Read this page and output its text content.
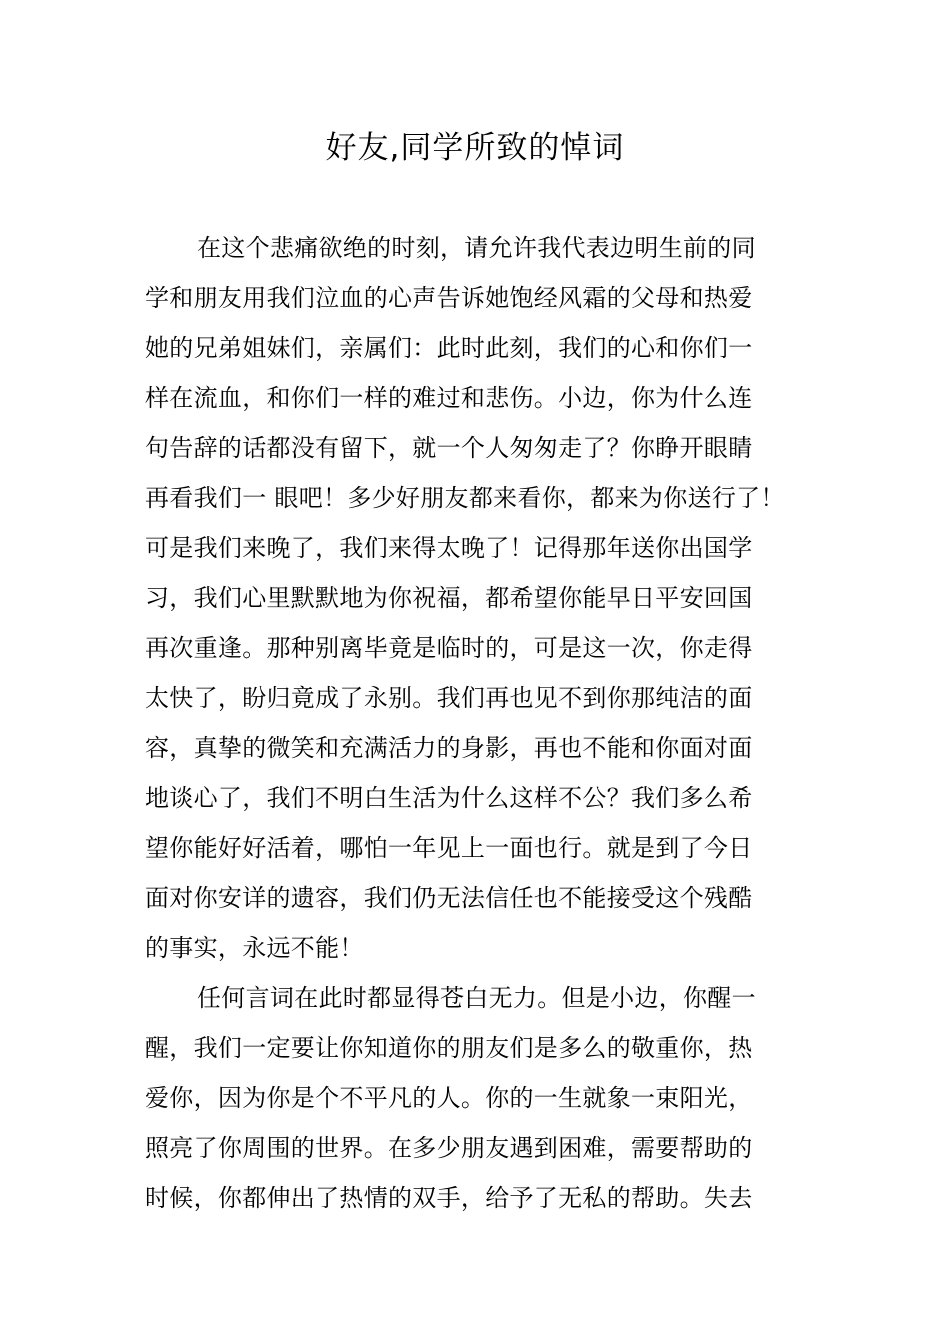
好友,同学所致的悼词
在这个悲痛欲绝的时刻，请允许我代表边明生前的同
学和朋友用我们泣血的心声告诉她饱经风霜的父母和热爱
她的兄弟姐妹们，亲属们：此时此刻，我们的心和你们一
样在流血，和你们一样的难过和悲伤。小边，你为什么连
句告辞的话都没有留下，就一个人匆匆走了？你睁开眼睛
再看我们一 眼吧！多少好朋友都来看你，都来为你送行了！
可是我们来晚了，我们来得太晚了！记得那年送你出国学
习，我们心里默默地为你祝福，都希望你能早日平安回国
再次重逢。那种别离毕竟是临时的，可是这一次，你走得
太快了，盼归竟成了永别。我们再也见不到你那纯洁的面
容，真挚的微笑和充满活力的身影，再也不能和你面对面
地谈心了，我们不明白生活为什么这样不公？我们多么希
望你能好好活着，哪怕一年见上一面也行。就是到了今日
面对你安详的遗容，我们仍无法信任也不能接受这个残酷
的事实，永远不能！
任何言词在此时都显得苍白无力。但是小边，你醒一
醒，我们一定要让你知道你的朋友们是多么的敬重你，热
爱你，因为你是个不平凡的人。你的一生就象一束阳光，
照亮了你周围的世界。在多少朋友遇到困难，需要帮助的
时候，你都伸出了热情的双手，给予了无私的帮助。失去
